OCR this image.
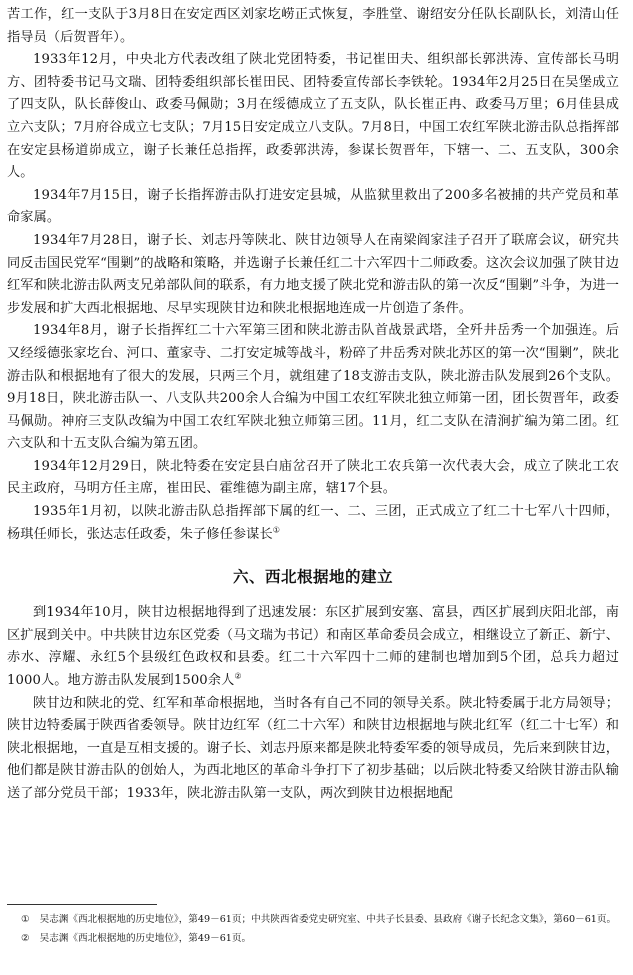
苦工作，红一支队于3月8日在安定西区刘家圪崂正式恢复，李胜堂、谢绍安分任队长副队长，刘清山任指导员（后贺晋年）。

1933年12月，中央北方代表改组了陕北党团特委，书记崔田夫、组织部长郭洪涛、宣传部长马明方、团特委书记马文瑞、团特委组织部长崔田民、团特委宣传部长李铁轮。1934年2月25日在吴堡成立了四支队，队长薛俊山、政委马佩勋；3月在绥德成立了五支队，队长崔正冉、政委马万里；6月佳县成立六支队；7月府谷成立七支队；7月15日安定成立八支队。7月8日，中国工农红军陕北游击队总指挥部在安定县杨道峁成立，谢子长兼任总指挥，政委郭洪涛，参谋长贺晋年，下辖一、二、五支队，300余人。

1934年7月15日，谢子长指挥游击队打进安定县城，从监狱里救出了200多名被捕的共产党员和革命家属。

1934年7月28日，谢子长、刘志丹等陕北、陕甘边领导人在南梁阎家洼子召开了联席会议，研究共同反击国民党军“围剿”的战略和策略，并选谢子长兼任红二十六军四十二师政委。这次会议加强了陕甘边红军和陕北游击队两支兄弟部队间的联系，有力地支援了陕北党和游击队的第一次反“围剿”斗争，为进一步发展和扩大西北根据地、尽早实现陕甘边和陕北根据地连成一片创造了条件。

1934年8月，谢子长指挥红二十六军第三团和陕北游击队首战景武塔，全歼井岳秀一个加强连。后又经绥德张家圪台、河口、董家寺、二打安定城等战斗，粉碎了井岳秀对陕北苏区的第一次“围剿”，陕北游击队和根据地有了很大的发展，只两三个月，就组建了18支游击支队，陕北游击队发展到26个支队。9月18日，陕北游击队一、八支队共200余人合编为中国工农红军陕北独立师第一团，团长贺晋年，政委马佩勋。神府三支队改编为中国工农红军陕北独立师第三团。11月，红二支队在清涧扩编为第二团。红六支队和十五支队合编为第五团。

1934年12月29日，陕北特委在安定县白庙岔召开了陕北工农兵第一次代表大会，成立了陕北工农民主政府，马明方任主席，崔田民、霍维德为副主席，辖17个县。

1935年1月初，以陕北游击队总指挥部下属的红一、二、三团，正式成立了红二十七军八十四师，杨琪任师长，张达志任政委，朱子修任参谋长①

六、西北根据地的建立

到1934年10月，陕甘边根据地得到了迅速发展：东区扩展到安塞、富县，西区扩展到庆阳北部，南区扩展到关中。中共陕甘边东区党委（马文瑞为书记）和南区革命委员会成立，相继设立了新正、新宁、赤水、淳耀、永红5个县级红色政权和县委。红二十六军四十二师的建制也增加到5个团，总兵力超过1000人。地方游击队发展到1500余人②

陕甘边和陕北的党、红军和革命根据地，当时各有自己不同的领导关系。陕北特委属于北方局领导；陕甘边特委属于陕西省委领导。陕甘边红军（红二十六军）和陕甘边根据地与陕北红军（红二十七军）和陕北根据地，一直是互相支援的。谢子长、刘志丹原来都是陕北特委军委的领导成员，先后来到陕甘边，他们都是陕甘游击队的创始人，为西北地区的革命斗争打下了初步基础；以后陕北特委又给陕甘游击队输送了部分党员干部；1933年，陕北游击队第一支队，两次到陕甘边根据地配

① 吴志渊《西北根据地的历史地位》，第49－61页；中共陕西省委党史研究室、中共子长县委、县政府《谢子长纪念文集》，第60－61页。

② 吴志渊《西北根据地的历史地位》，第49－61页。
